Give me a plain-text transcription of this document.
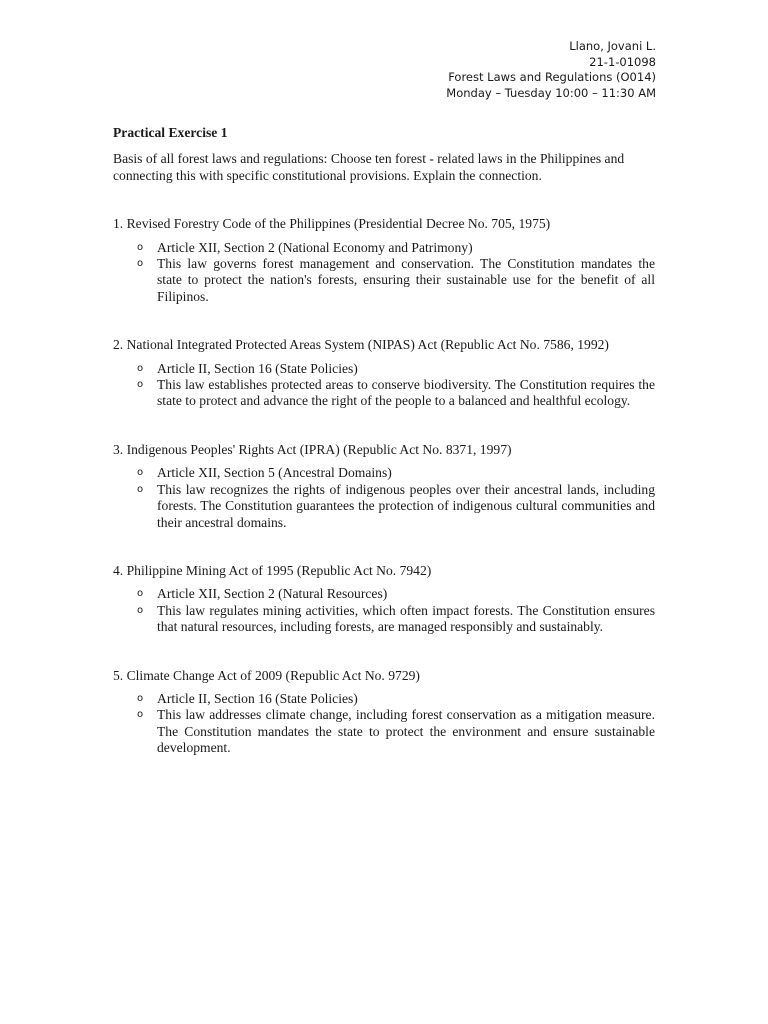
Llano, Jovani L.
21-1-01098
Forest Laws and Regulations (O014)
Monday – Tuesday 10:00 – 11:30 AM

Practical Exercise 1

Basis of all forest laws and regulations: Choose ten forest - related laws in the Philippines and connecting this with specific constitutional provisions. Explain the connection.

1. Revised Forestry Code of the Philippines (Presidential Decree No. 705, 1975)

o Article XII, Section 2 (National Economy and Patrimony)
o This law governs forest management and conservation. The Constitution mandates the state to protect the nation's forests, ensuring their sustainable use for the benefit of all Filipinos.

2. National Integrated Protected Areas System (NIPAS) Act (Republic Act No. 7586, 1992)

o Article II, Section 16 (State Policies)
o This law establishes protected areas to conserve biodiversity. The Constitution requires the state to protect and advance the right of the people to a balanced and healthful ecology.

3. Indigenous Peoples' Rights Act (IPRA) (Republic Act No. 8371, 1997)

o Article XII, Section 5 (Ancestral Domains)
o This law recognizes the rights of indigenous peoples over their ancestral lands, including forests. The Constitution guarantees the protection of indigenous cultural communities and their ancestral domains.

4. Philippine Mining Act of 1995 (Republic Act No. 7942)

o Article XII, Section 2 (Natural Resources)
o This law regulates mining activities, which often impact forests. The Constitution ensures that natural resources, including forests, are managed responsibly and sustainably.

5. Climate Change Act of 2009 (Republic Act No. 9729)

o Article II, Section 16 (State Policies)
o This law addresses climate change, including forest conservation as a mitigation measure. The Constitution mandates the state to protect the environment and ensure sustainable development.
